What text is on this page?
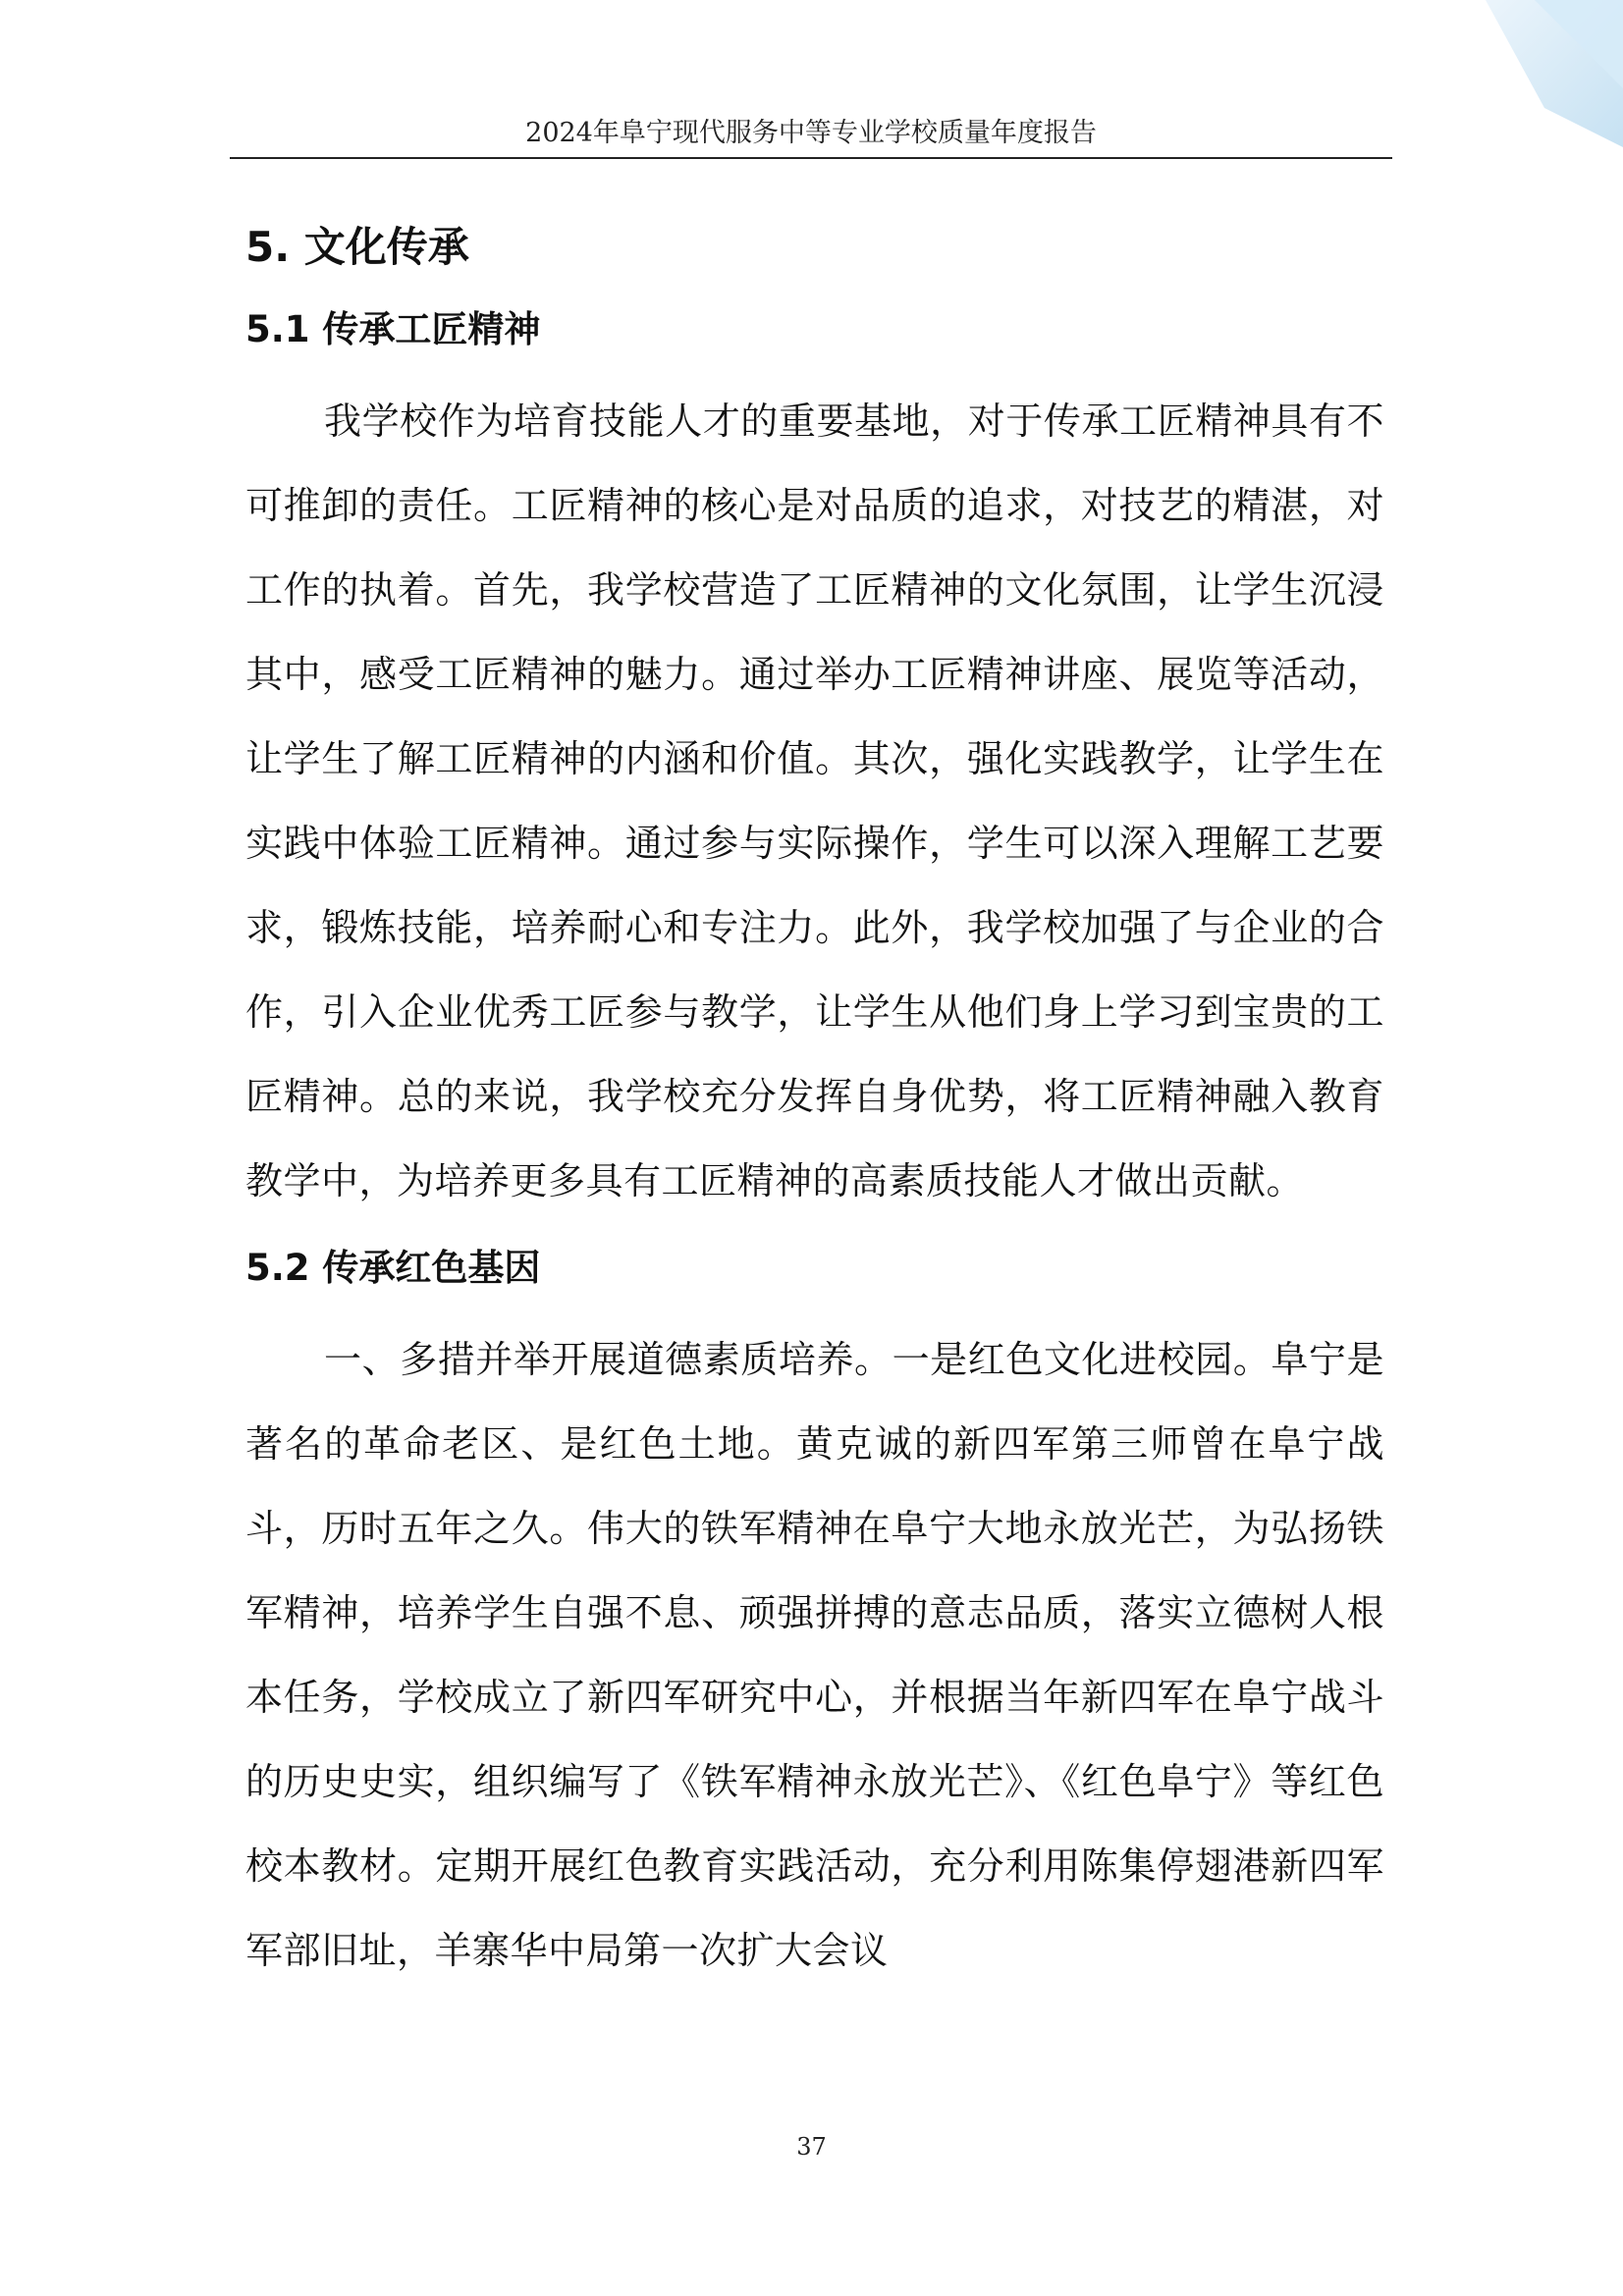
2024年阜宁现代服务中等专业学校质量年度报告
5. 文化传承
5.1 传承工匠精神

我学校作为培育技能人才的重要基地，对于传承工匠精神具有不可推卸的责任。工匠精神的核心是对品质的追求，对技艺的精湛，对工作的执着。首先，我学校营造了工匠精神的文化氛围，让学生沉浸其中，感受工匠精神的魅力。通过举办工匠精神讲座、展览等活动，让学生了解工匠精神的内涵和价值。其次，强化实践教学，让学生在实践中体验工匠精神。通过参与实际操作，学生可以深入理解工艺要求，锻炼技能，培养耐心和专注力。此外，我学校加强了与企业的合作，引入企业优秀工匠参与教学，让学生从他们身上学习到宝贵的工匠精神。总的来说，我学校充分发挥自身优势，将工匠精神融入教育教学中，为培养更多具有工匠精神的高素质技能人才做出贡献。

5.2 传承红色基因

一、多措并举开展道德素质培养。一是红色文化进校园。阜宁是著名的革命老区、是红色土地。黄克诚的新四军第三师曾在阜宁战斗，历时五年之久。伟大的铁军精神在阜宁大地永放光芒，为弘扬铁军精神，培养学生自强不息、顽强拼搏的意志品质，落实立德树人根本任务，学校成立了新四军研究中心，并根据当年新四军在阜宁战斗的历史史实，组织编写了《铁军精神永放光芒》、《红色阜宁》等红色校本教材。定期开展红色教育实践活动，充分利用陈集停翅港新四军军部旧址，羊寨华中局第一次扩大会议

37
